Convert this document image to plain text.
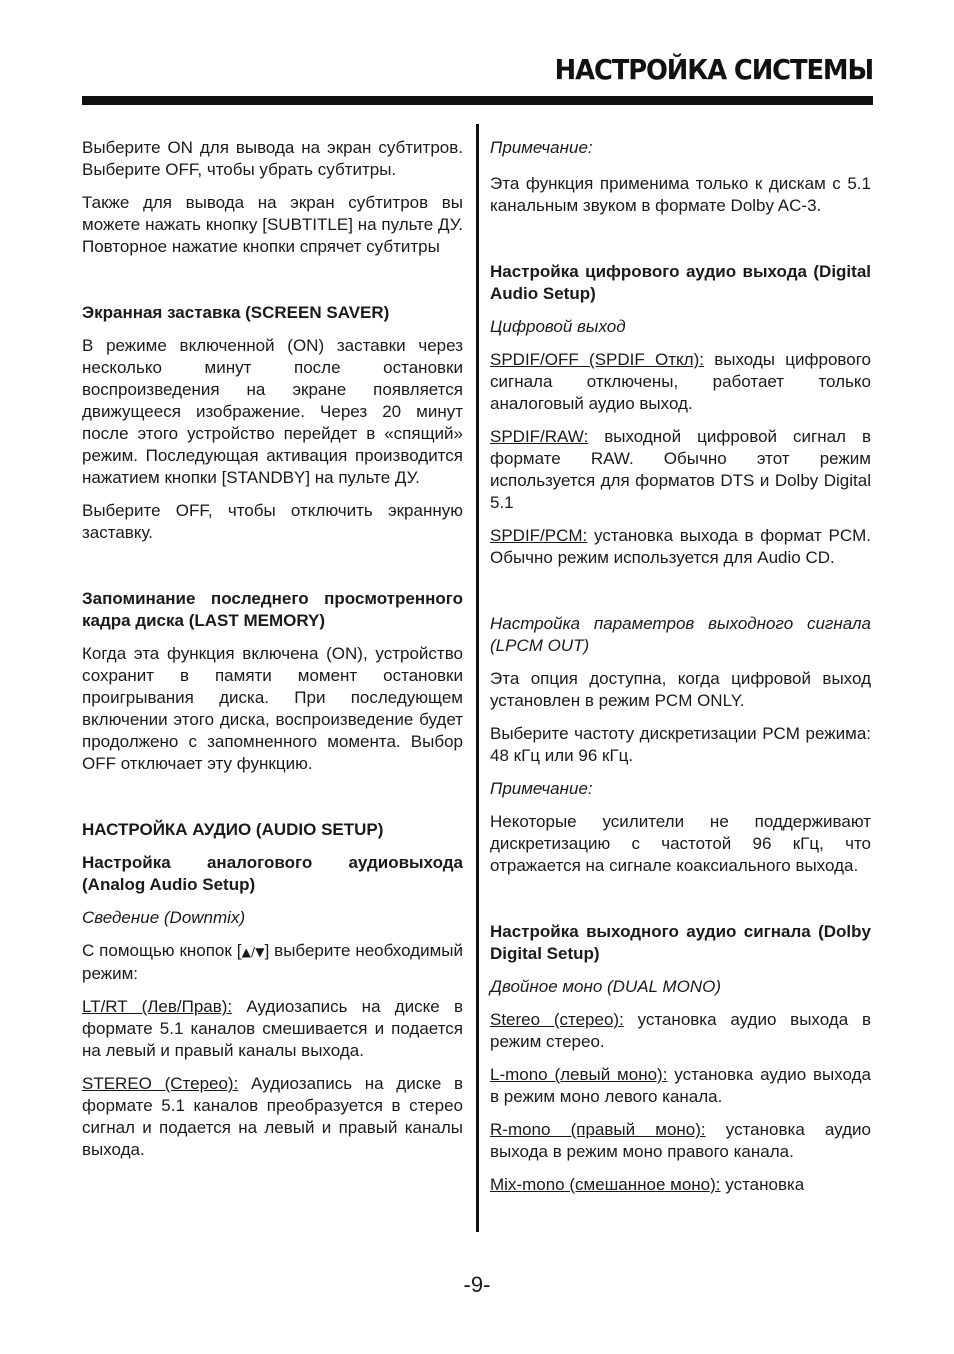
НАСТРОЙКА СИСТЕМЫ

Выберите ON для вывода на экран субтитров. Выберите OFF, чтобы убрать субтитры.

Также для вывода на экран субтитров вы можете нажать кнопку [SUBTITLE] на пульте ДУ. Повторное нажатие кнопки спрячет субтитры

Экранная заставка (SCREEN SAVER)

В режиме включенной (ON) заставки через несколько минут после остановки воспроизведения на экране появляется движущееся изображение. Через 20 минут после этого устройство перейдет в «спящий» режим. Последующая активация производится нажатием кнопки [STANDBY] на пульте ДУ.

Выберите OFF, чтобы отключить экранную заставку.

Запоминание последнего просмотренного кадра диска (LAST MEMORY)

Когда эта функция включена (ON), устройство сохранит в памяти момент остановки проигрывания диска. При последующем включении этого диска, воспроизведение будет продолжено с запомненного момента. Выбор OFF отключает эту функцию.

НАСТРОЙКА АУДИО (AUDIO SETUP)

Настройка аналогового аудиовыхода (Analog Audio Setup)

Сведение (Downmix)

С помощью кнопок [▲/▼] выберите необходимый режим:

LT/RT (Лев/Прав): Аудиозапись на диске в формате 5.1 каналов смешивается и подается на левый и правый каналы выхода.

STEREO (Стерео): Аудиозапись на диске в формате 5.1 каналов преобразуется в стерео сигнал и подается на левый и правый каналы выхода.

Примечание:

Эта функция применима только к дискам с 5.1 канальным звуком в формате Dolby AC-3.

Настройка цифрового аудио выхода (Digital Audio Setup)

Цифровой выход

SPDIF/OFF (SPDIF Откл): выходы цифрового сигнала отключены, работает только аналоговый аудио выход.

SPDIF/RAW: выходной цифровой сигнал в формате RAW. Обычно этот режим используется для форматов DTS и Dolby Digital 5.1

SPDIF/PCM: установка выхода в формат PCM. Обычно режим используется для Audio CD.

Настройка параметров выходного сигнала (LPCM OUT)

Эта опция доступна, когда цифровой выход установлен в режим PCM ONLY.

Выберите частоту дискретизации PCM режима: 48 кГц или 96 кГц.

Примечание:

Некоторые усилители не поддерживают дискретизацию с частотой 96 кГц, что отражается на сигнале коаксиального выхода.

Настройка выходного аудио сигнала (Dolby Digital Setup)

Двойное моно (DUAL MONO)

Stereo (стерео): установка аудио выхода в режим стерео.

L-mono (левый моно): установка аудио выхода в режим моно левого канала.

R-mono (правый моно): установка аудио выхода в режим моно правого канала.

Mix-mono (смешанное моно): установка

-9-
